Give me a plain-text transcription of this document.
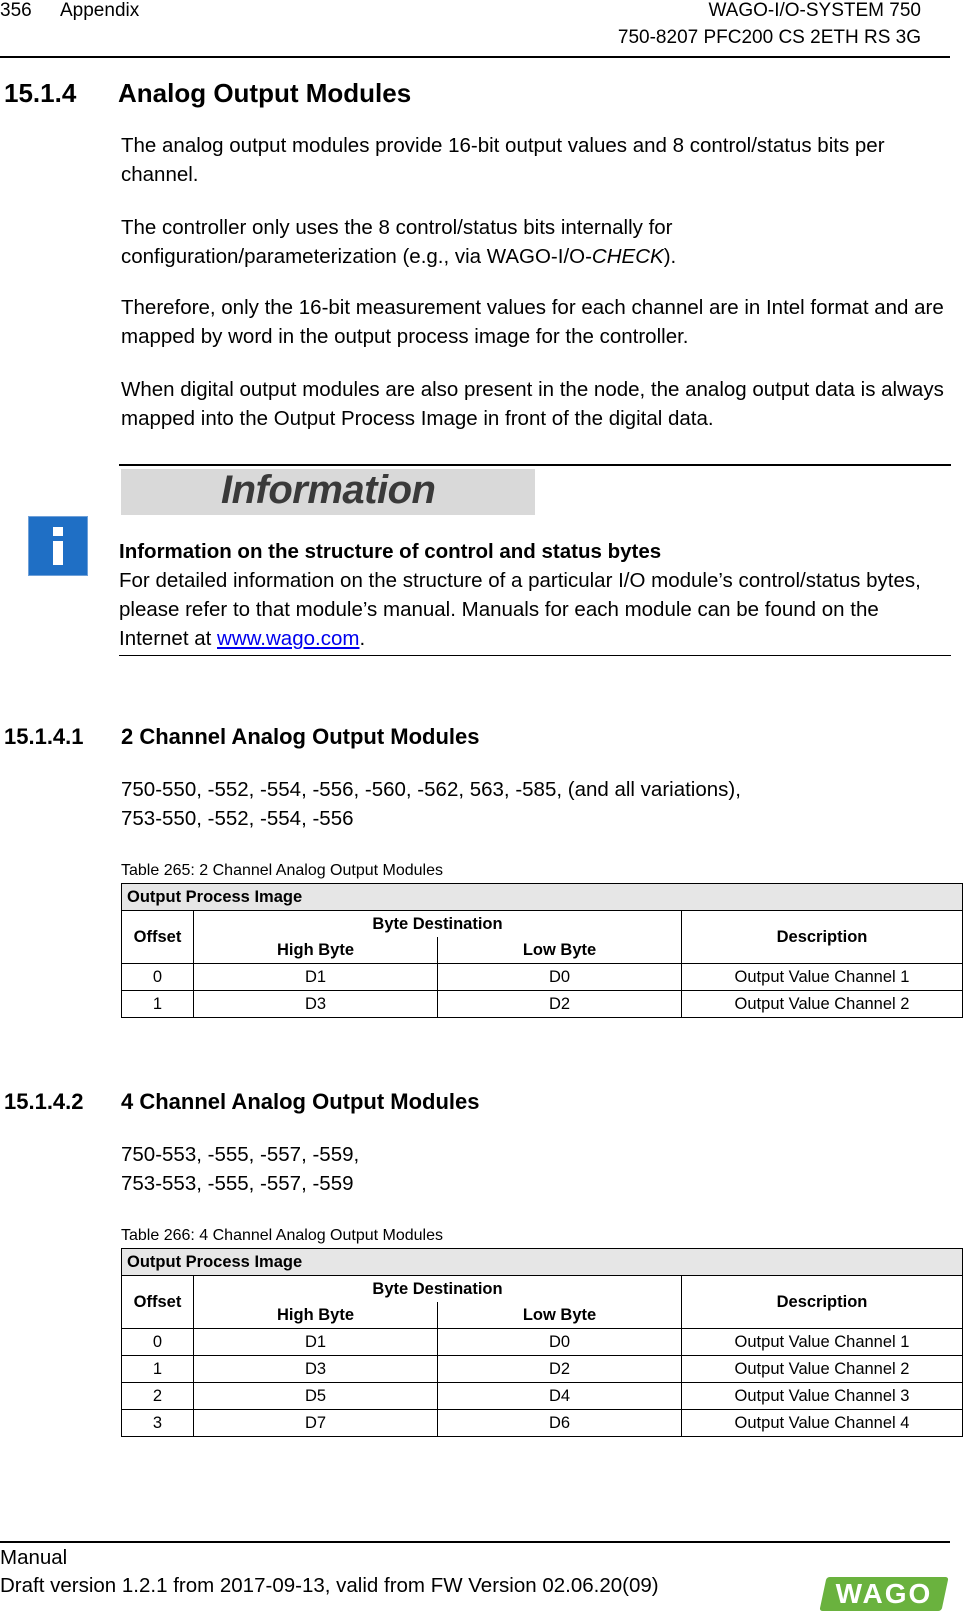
356 Appendix	WAGO-I/O-SYSTEM 750
750-8207 PFC200 CS 2ETH RS 3G
15.1.4 Analog Output Modules
The analog output modules provide 16-bit output values and 8 control/status bits per channel.
The controller only uses the 8 control/status bits internally for configuration/parameterization (e.g., via WAGO-I/O-CHECK).
Therefore, only the 16-bit measurement values for each channel are in Intel format and are mapped by word in the output process image for the controller.
When digital output modules are also present in the node, the analog output data is always mapped into the Output Process Image in front of the digital data.
Information
Information on the structure of control and status bytes
For detailed information on the structure of a particular I/O module’s control/status bytes, please refer to that module’s manual. Manuals for each module can be found on the Internet at www.wago.com.
15.1.4.1 2 Channel Analog Output Modules
750-550, -552, -554, -556, -560, -562, 563, -585, (and all variations),
753-550, -552, -554, -556
Table 265: 2 Channel Analog Output Modules
Output Process Image			
Offset	Byte Destination		Description
	High Byte	Low Byte	
0	D1	D0	Output Value Channel 1
1	D3	D2	Output Value Channel 2
15.1.4.2 4 Channel Analog Output Modules
750-553, -555, -557, -559,
753-553, -555, -557, -559
Table 266: 4 Channel Analog Output Modules
Output Process Image			
Offset	Byte Destination		Description
	High Byte	Low Byte	
0	D1	D0	Output Value Channel 1
1	D3	D2	Output Value Channel 2
2	D5	D4	Output Value Channel 3
3	D7	D6	Output Value Channel 4
Manual
Draft version 1.2.1 from 2017-09-13, valid from FW Version 02.06.20(09)	WAGO
